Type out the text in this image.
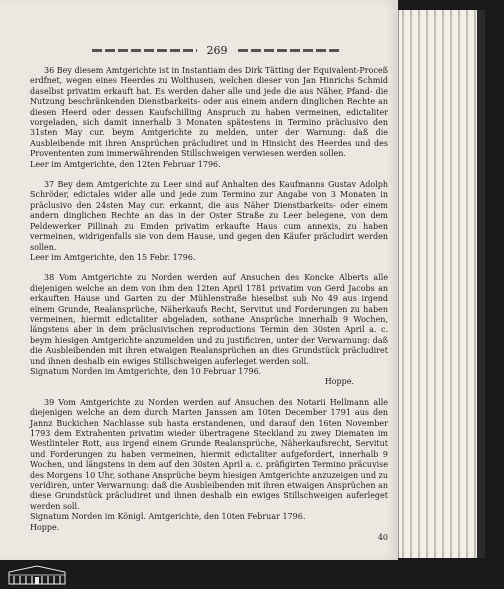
269

36 Bey diesem Amtgerichte ist in Instantiam des Dirk Tätting der Equivalent-Proceß erdfnet, wegen eines Heerdes zu Wolthusen, welchen dieser von Jan Hinrichs Schmid daselbst privatim erkauft hat. Es werden daher alle und jede die aus Näher, Pfand- die Nutzung beschränkenden Dienstbarkeits- oder aus einem andern dinglichen Rechte an diesen Heerd oder dessen Kaufschilling Anspruch zu haben vermeinen, edictaliter vorgeladen, sich damit innerhalb 3 Monaten spätestens in Termino präclusivo den 31sten May cur. beym Amtgerichte zu melden, unter der Warnung: daß die Ausbleibende mit ihren Ansprüchen präcludiret und in Hinsicht des Heerdes und des Provententen zum immerwährenden Stillschweigen verwiesen werden sollen.

Leer im Amtgerichte, den 12ten Februar 1796.

37 Bey dem Amtgerichte zu Leer sind auf Anhalten des Kaufmanns Gustav Adolph Schröder, edictales wider alle und jede zum Termino zur Angabe von 3 Monaten in präclusivo den 24sten May cur. erkannt, die aus Näher Dienstbarkeits- oder einem andern dinglichen Rechte an das in der Oster Straße zu Leer belegene, von dem Peldewerker Pillinah zu Emden privatim erkaufte Haus cum annexis, zu haben vermeinen, widrigenfalls sie von dem Hause, und gegen den Käufer präcludirt werden sollen.

Leer im Amtgerichte, den 15 Febr. 1796.

38 Vom Amtgerichte zu Norden werden auf Ansuchen des Koncke Alberts alle diejenigen welche an dem von ihm den 12ten April 1781 privatim von Gerd Jacobs an erkauften Hause und Garten zu der Mühlenstraße hieselbst sub No 49 aus irgend einem Grunde, Realansprüche, Näherkaufs Recht, Servitut und Forderungen zu haben vermeinen, hiermit edictaliter abgeladen, sothane Ansprüche innerhalb 9 Wochen, längstens aber in dem präclusivischen reproductions Termin den 30sten April a. c. beym hiesigen Amtgerichte anzumelden und zu justificiren, unter der Verwarnung: daß die Ausbleibenden mit ihren etwaigen Realansprüchen an dies Grundstück präcludiret und ihnen deshalb ein ewiges Stillschweigen auferleget werden soll.

Signatum Norden im Amtgerichte, den 10 Februar 1796.

Hoppe.

39 Vom Amtgerichte zu Norden werden auf Ansuchen des Notarii Hellmann alle diejenigen welche an dem durch Marten Janssen am 10ten December 1791 aus den Jannz Buckichen Nachlasse sub hasta erstandenen, und darauf den 16ten November 1793 dem Extrahenten privatim wieder übertragene Steckland zu zwey Diematen im Westlinteler Rott, aus irgend einem Grunde Realansprüche, Näherkaufsrecht, Servitut und Forderungen zu haben vermeinen, hiermit edictaliter aufgefordert, innerhalb 9 Wochen, und längstens in dem auf den 30sten April a. c. präfigirten Termino präcuvise des Morgens 10 Uhr, sothane Ansprüche beym hiesigen Amtgerichte anzuzeigen und zu veridiren, unter Verwarnung: daß die Ausbleibenden mit ihren etwaigen Ansprüchen an diese Grundstück präcludiret und ihnen deshalb ein ewiges Stillschweigen auferleget werden soll.

Signatum Norden im Königl. Amtgerichte, den 10ten Februar 1796.

Hoppe.

40
